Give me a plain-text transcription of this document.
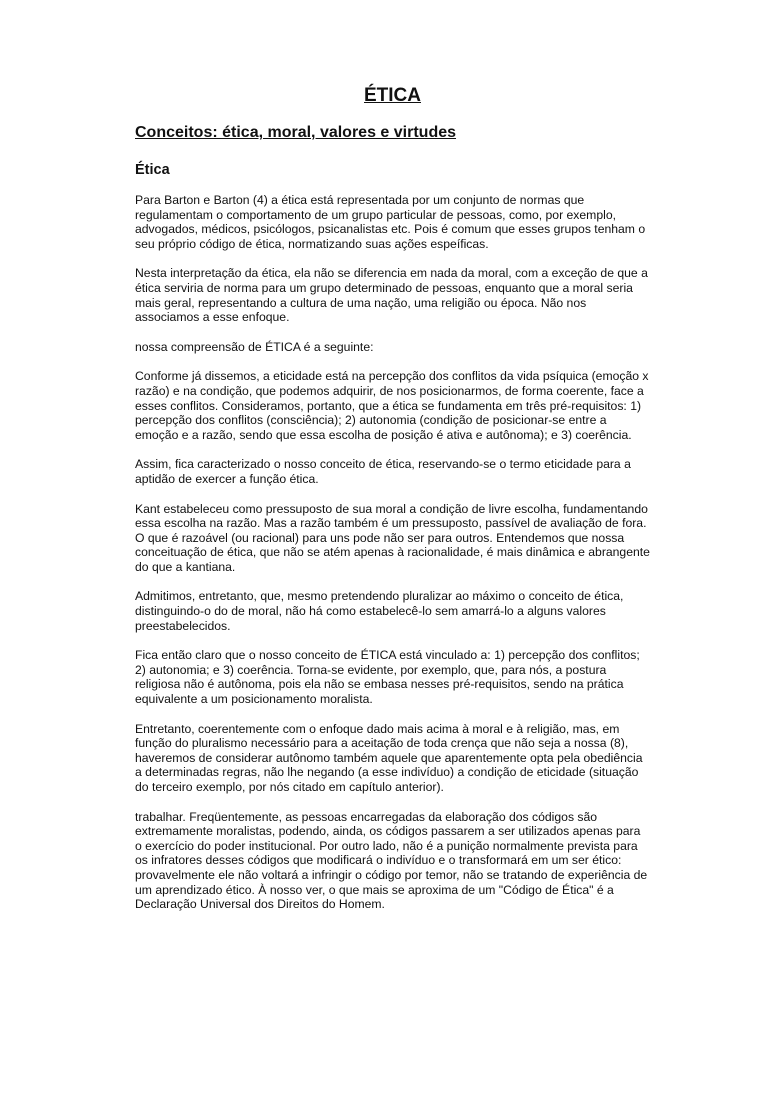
ÉTICA
Conceitos: ética, moral, valores e virtudes
Ética

Para Barton e Barton (4) a ética está representada por um conjunto de normas que regulamentam o comportamento de um grupo particular de pessoas, como, por exemplo, advogados, médicos, psicólogos, psicanalistas etc. Pois é comum que esses grupos tenham o seu próprio código de ética, normatizando suas ações espeíficas.

Nesta interpretação da ética, ela não se diferencia em nada da moral, com a exceção de que a ética serviria de norma para um grupo determinado de pessoas, enquanto que a moral seria mais geral, representando a cultura de uma nação, uma religião ou época. Não nos associamos a esse enfoque.

nossa compreensão de ÉTICA é a seguinte:

Conforme já dissemos, a eticidade está na percepção dos conflitos da vida psíquica (emoção x razão) e na condição, que podemos adquirir, de nos posicionarmos, de forma coerente, face a esses conflitos. Consideramos, portanto, que a ética se fundamenta em três pré-requisitos: 1) percepção dos conflitos (consciência); 2) autonomia (condição de posicionar-se entre a emoção e a razão, sendo que essa escolha de posição é ativa e autônoma); e 3) coerência.

Assim, fica caracterizado o nosso conceito de ética, reservando-se o termo eticidade para a aptidão de exercer a função ética.

Kant estabeleceu como pressuposto de sua moral a condição de livre escolha, fundamentando essa escolha na razão. Mas a razão também é um pressuposto, passível de avaliação de fora. O que é razoável (ou racional) para uns pode não ser para outros. Entendemos que nossa conceituação de ética, que não se atém apenas à racionalidade, é mais dinâmica e abrangente do que a kantiana.

Admitimos, entretanto, que, mesmo pretendendo pluralizar ao máximo o conceito de ética, distinguindo-o do de moral, não há como estabelecê-lo sem amarrá-lo a alguns valores preestabelecidos.

Fica então claro que o nosso conceito de ÉTICA está vinculado a: 1) percepção dos conflitos; 2) autonomia; e 3) coerência. Torna-se evidente, por exemplo, que, para nós, a postura religiosa não é autônoma, pois ela não se embasa nesses pré-requisitos, sendo na prática equivalente a um posicionamento moralista.

Entretanto, coerentemente com o enfoque dado mais acima à moral e à religião, mas, em função do pluralismo necessário para a aceitação de toda crença que não seja a nossa (8), haveremos de considerar autônomo também aquele que aparentemente opta pela obediência a determinadas regras, não lhe negando (a esse indivíduo) a condição de eticidade (situação do terceiro exemplo, por nós citado em capítulo anterior).

trabalhar. Freqüentemente, as pessoas encarregadas da elaboração dos códigos são extremamente moralistas, podendo, ainda, os códigos passarem a ser utilizados apenas para o exercício do poder institucional. Por outro lado, não é a punição normalmente prevista para os infratores desses códigos que modificará o indivíduo e o transformará em um ser ético: provavelmente ele não voltará a infringir o código por temor, não se tratando de experiência de um aprendizado ético. À nosso ver, o que mais se aproxima de um "Código de Ética" é a Declaração Universal dos Direitos do Homem.
